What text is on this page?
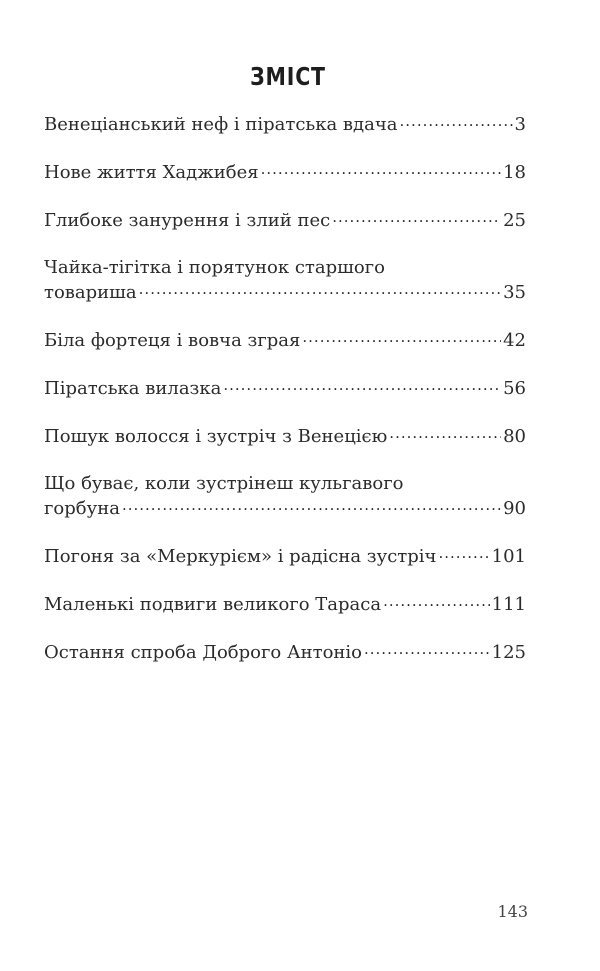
ЗМІСТ
Венеціанський неф і піратська вдача .....	3
Нове життя Хаджибея .....	18
Глибоке занурення і злий пес .....	25
Чайка-тігітка і порятунок старшого
товариша .....	35
Біла фортеця і вовча зграя .....	42
Піратська вилазка .....	56
Пошук волосся і зустріч з Венецією .....	80
Що буває, коли зустрінеш кульгавого
горбуна .....	90
Погоня за «Меркурієм» і радісна зустріч .....	101
Маленькі подвиги великого Тараса .....	111
Остання спроба Доброго Антоніо .....	125
143
